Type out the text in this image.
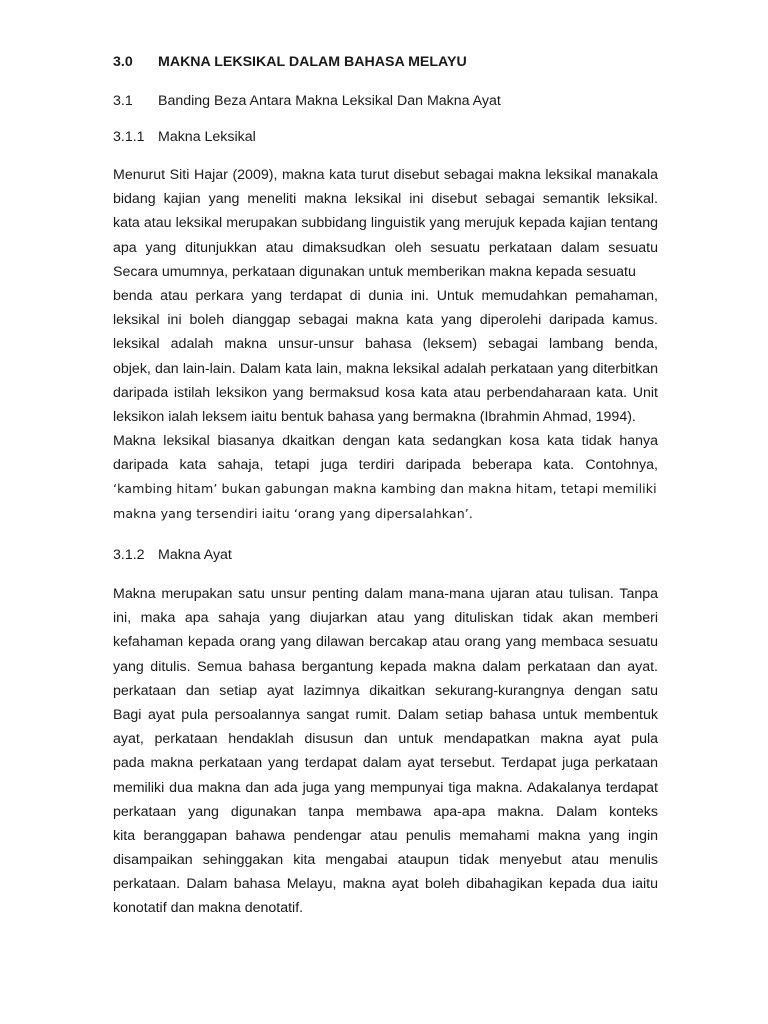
3.0 MAKNA LEKSIKAL DALAM BAHASA MELAYU
3.1 Banding Beza Antara Makna Leksikal Dan Makna Ayat
3.1.1 Makna Leksikal
Menurut Siti Hajar (2009), makna kata turut disebut sebagai makna leksikal manakala
bidang kajian yang meneliti makna leksikal ini disebut sebagai semantik leksikal.
kata atau leksikal merupakan subbidang linguistik yang merujuk kepada kajian tentang
apa yang ditunjukkan atau dimaksudkan oleh sesuatu perkataan dalam sesuatu
Secara umumnya, perkataan digunakan untuk memberikan makna kepada sesuatu
benda atau perkara yang terdapat di dunia ini. Untuk memudahkan pemahaman,
leksikal ini boleh dianggap sebagai makna kata yang diperolehi daripada kamus.
leksikal adalah makna unsur-unsur bahasa (leksem) sebagai lambang benda,
objek, dan lain-lain. Dalam kata lain, makna leksikal adalah perkataan yang diterbitkan
daripada istilah leksikon yang bermaksud kosa kata atau perbendaharaan kata. Unit
leksikon ialah leksem iaitu bentuk bahasa yang bermakna (Ibrahmin Ahmad, 1994).
Makna leksikal biasanya dkaitkan dengan kata sedangkan kosa kata tidak hanya
daripada kata sahaja, tetapi juga terdiri daripada beberapa kata. Contohnya,
‘kambing hitam’ bukan gabungan makna kambing dan makna hitam, tetapi memiliki
makna yang tersendiri iaitu ‘orang yang dipersalahkan’.
3.1.2 Makna Ayat
Makna merupakan satu unsur penting dalam mana-mana ujaran atau tulisan. Tanpa
ini, maka apa sahaja yang diujarkan atau yang dituliskan tidak akan memberi
kefahaman kepada orang yang dilawan bercakap atau orang yang membaca sesuatu
yang ditulis. Semua bahasa bergantung kepada makna dalam perkataan dan ayat.
perkataan dan setiap ayat lazimnya dikaitkan sekurang-kurangnya dengan satu
Bagi ayat pula persoalannya sangat rumit. Dalam setiap bahasa untuk membentuk
ayat, perkataan hendaklah disusun dan untuk mendapatkan makna ayat pula
pada makna perkataan yang terdapat dalam ayat tersebut. Terdapat juga perkataan
memiliki dua makna dan ada juga yang mempunyai tiga makna. Adakalanya terdapat
perkataan yang digunakan tanpa membawa apa-apa makna. Dalam konteks
kita beranggapan bahawa pendengar atau penulis memahami makna yang ingin
disampaikan sehinggakan kita mengabai ataupun tidak menyebut atau menulis
perkataan. Dalam bahasa Melayu, makna ayat boleh dibahagikan kepada dua iaitu
konotatif dan makna denotatif.
